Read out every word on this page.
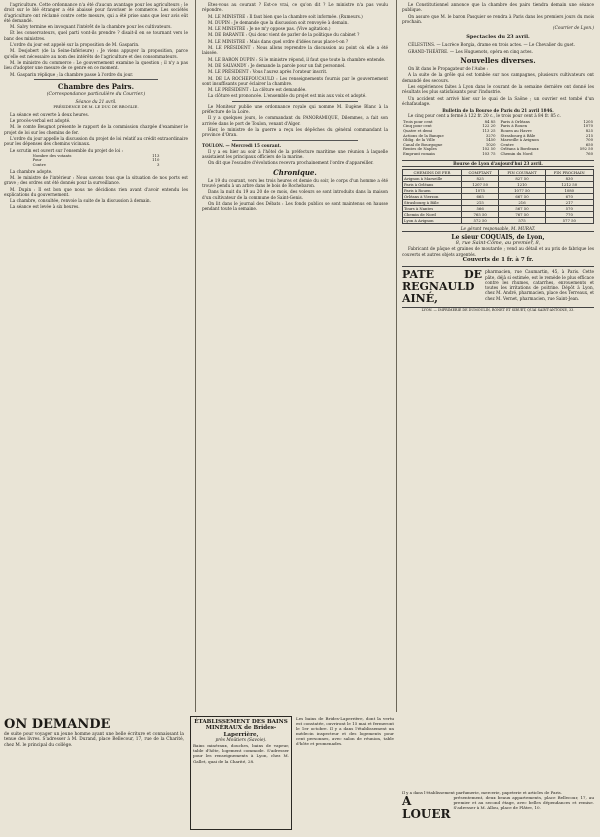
l'agriculture. Cette ordonnance n'a été d'aucun avantage pour les agriculteurs ; le droit sur le blé étranger a été abaissé pour favoriser le commerce. Les sociétés d'agriculture ont réclamé contre cette mesure, qui a été prise sans que leur avis eût été demandé.

M. Salvy termine en invoquant l'intérêt de la chambre pour les cultivateurs.

Et les conservateurs, quel parti vont-ils prendre ? disait-il en se tournant vers le banc des ministres.

L'ordre du jour est appelé sur la proposition de M. Gasparin.

M. Desjobert (de la Seine-Inférieure) : Je viens appuyer la proposition, parce qu'elle est nécessaire au nom des intérêts de l'agriculture et des consommateurs.

M. le ministre du commerce : Le gouvernement examine la question ; il n'y a pas lieu d'adopter une mesure de ce genre en ce moment.

M. Gasparin réplique ; la chambre passe à l'ordre du jour.

Chambre des Pairs.
(Correspondance particulière du Courrier.)
Séance du 21 avril.
PRÉSIDENCE DE M. LE DUC DE BROGLIE.

La séance est ouverte à deux heures.

Le procès-verbal est adopté.

M. le comte Beugnot présente le rapport de la commission chargée d'examiner le projet de loi sur les chemins de fer.

L'ordre du jour appelle la discussion du projet de loi relatif au crédit extraordinaire pour les dépenses des chemins vicinaux.

Le scrutin est ouvert sur l'ensemble du projet de loi :

Nombre des votants	113
Pour	110
Contre	3

La chambre adopte.

M. le ministre de l'intérieur : Nous savons tous que la situation de nos ports est grave ; des ordres ont été donnés pour la surveillance.

M. Dupin : Il est bon que nous ne décidions rien avant d'avoir entendu les explications du gouvernement.

La chambre, consultée, renvoie la suite de la discussion à demain.

La séance est levée à six heures.

Etes-vous au courant ? Est-ce vrai, ce qu'on dit ? Le ministre n'a pas voulu répondre.

M. LE MINISTRE : Il faut bien que la chambre soit informée. (Rumeurs.)

M. DUPIN : Je demande que la discussion soit renvoyée à demain.

M. LE MINISTRE : Je ne m'y oppose pas. (Vive agitation.)

M. DE BARANTE : Qui donc vient de parler de la politique du cabinet ?

M. LE MINISTRE : Mais dans quel ordre d'idées nous place-t-on ?

M. LE PRÉSIDENT : Nous allons reprendre la discussion au point où elle a été laissée.

M. LE BARON DUPIN : Si le ministre répond, il faut que toute la chambre entende.

M. DE SALVANDY : Je demande la parole pour un fait personnel.

M. LE PRÉSIDENT : Vous l'aurez après l'orateur inscrit.

M. DE LA ROCHEFOUCAULD : Les renseignements fournis par le gouvernement sont insuffisants pour éclairer la chambre.

M. LE PRÉSIDENT : La clôture est demandée.

La clôture est prononcée. L'ensemble du projet est mis aux voix et adopté.

Le Moniteur publie une ordonnance royale qui nomme M. Eugène Blanc à la préfecture de la Loire.

Il y a quelques jours, le commandant du PANORAMIQUE, Dilemmes, a fait son arrivée dans le port de Toulon, venant d'Alger.

Hier, le ministre de la guerre a reçu les dépêches du général commandant la province d'Oran.

TOULON. — Mercredi 15 courant.

Il y a eu hier au soir à l'hôtel de la préfecture maritime une réunion à laquelle assistaient les principaux officiers de la marine.

On dit que l'escadre d'évolutions recevra prochainement l'ordre d'appareiller.

Chronique.

Le 19 du courant, vers les trois heures et demie du soir, le corps d'un homme a été trouvé pendu à un arbre dans le bois de Rochebaron.

Dans la nuit du 19 au 20 de ce mois, des voleurs se sont introduits dans la maison d'un cultivateur de la commune de Saint-Genis.

On lit dans le journal des Débats : Les fonds publics se sont maintenus en hausse pendant toute la semaine.

Le Constitutionnel annonce que la chambre des pairs tiendra demain une séance publique.

On assure que M. le baron Pasquier se rendra à Paris dans les premiers jours du mois prochain.

(Courrier de Lyon.)

Spectacles du 23 avril.

CÉLESTINS. — Lucrèce Borgia, drame en trois actes. — Le Chevalier du guet.

GRAND-THÉÂTRE. — Les Huguenots, opéra en cinq actes.

Nouvelles diverses.

On lit dans le Propagateur de l'Aube :

A la suite de la grêle qui est tombée sur nos campagnes, plusieurs cultivateurs ont demandé des secours.

Les expériences faites à Lyon dans le courant de la semaine dernière ont donné les résultats les plus satisfaisants pour l'industrie.

Un accident est arrivé hier sur le quai de la Saône ; un ouvrier est tombé d'un échafaudage.

Bulletin de la Bourse de Paris du 21 avril 1846.

Le cinq pour cent a fermé à 122 fr. 20 c., le trois pour cent à 84 fr. 85 c.

Trois pour cent	84 85
Cinq pour cent	122 20
Quatre et demi	113 25
Actions de la Banque	3270
Oblig. de la Ville	1450
Canal de Bourgogne	1020
Rentes de Naples	102 50
Emprunt romain	103 75
Paris à Orléans	1205
Paris à Rouen	1070
Rouen au Havre	825
Strasbourg à Bâle	215
Marseille à Avignon	700
Centre	650
Orléans à Bordeaux	592 50
Chemin du Nord	760
Bourse de Lyon d'aujourd'hui 23 avril.
CHEMINS DE FER	COMPTANT	FIN COURANT	FIN PROCHAIN
Avignon à Marseille	825	827 50	830
Paris à Orléans	1207 50	1210	1212 50
Paris à Rouen	1075	1077 50	1080
Orléans à Vierzon	665	667 50	670
Strasbourg à Bâle	215	216	217
Tours à Nantes	566	567 50	570
Chemin de Nord	765 50	767 50	770
Lyon à Avignon	572 50	575	577 50
Le gérant responsable, M. MURAT.
Le sieur COQUAIS, de Lyon,
8, rue Saint-Côme, au premier, 8,

Fabricant de pâque et graines de moutarde ; vend au détail et au prix de fabrique les couverts et autres objets argentés.

Couverts de 1 fr. à 7 fr.
PATE DE REGNAULD AINÉ,
pharmacien, rue Caumartin, 45, à Paris. Cette pâte, déjà si estimée, est le remède le plus efficace contre les rhumes, catarrhes, enrouements et toutes les irritations de poitrine. Dépôt à Lyon, chez M. André, pharmacien, place des Terreaux, et chez M. Vernet, pharmacien, rue Saint-Jean.
LYON. — IMPRIMERIE DE DUMOULIN, RONET ET SIBUET, QUAI SAINT-ANTOINE, 33.
ON DEMANDE
de suite pour voyager un jeune homme ayant une belle écriture et connaissant la tenue des livres. S'adresser à M. Durand, place Bellecour, 17, rue de la Charité, chez M. le principal du collège.
ÉTABLISSEMENT DES BAINS MINÉRAUX de Brides-Laperrière,
près Moûtiers (Savoie).
Bains minéraux, douches, bains de vapeur, table d'hôte, logement commode. S'adresser pour les renseignements à Lyon, chez M. Gallet, quai de la Charité, 28.
Les bains de Brides-Laperrière, dont la vertu est constatée, ouvriront le 15 mai et fermeront le 1er octobre. Il y a dans l'établissement un médecin inspecteur et des logements pour cent personnes, avec salon de réunion, table d'hôte et promenades.
Il y a dans l'établissement parfumerie, mercerie, papeterie et articles de Paris.
A LOUER
présentement, deux beaux appartements, place Bellecour, 17, au premier et au second étage, avec belles dépendances et remise. S'adresser à M. Allou, place de Plâtre, 10.
